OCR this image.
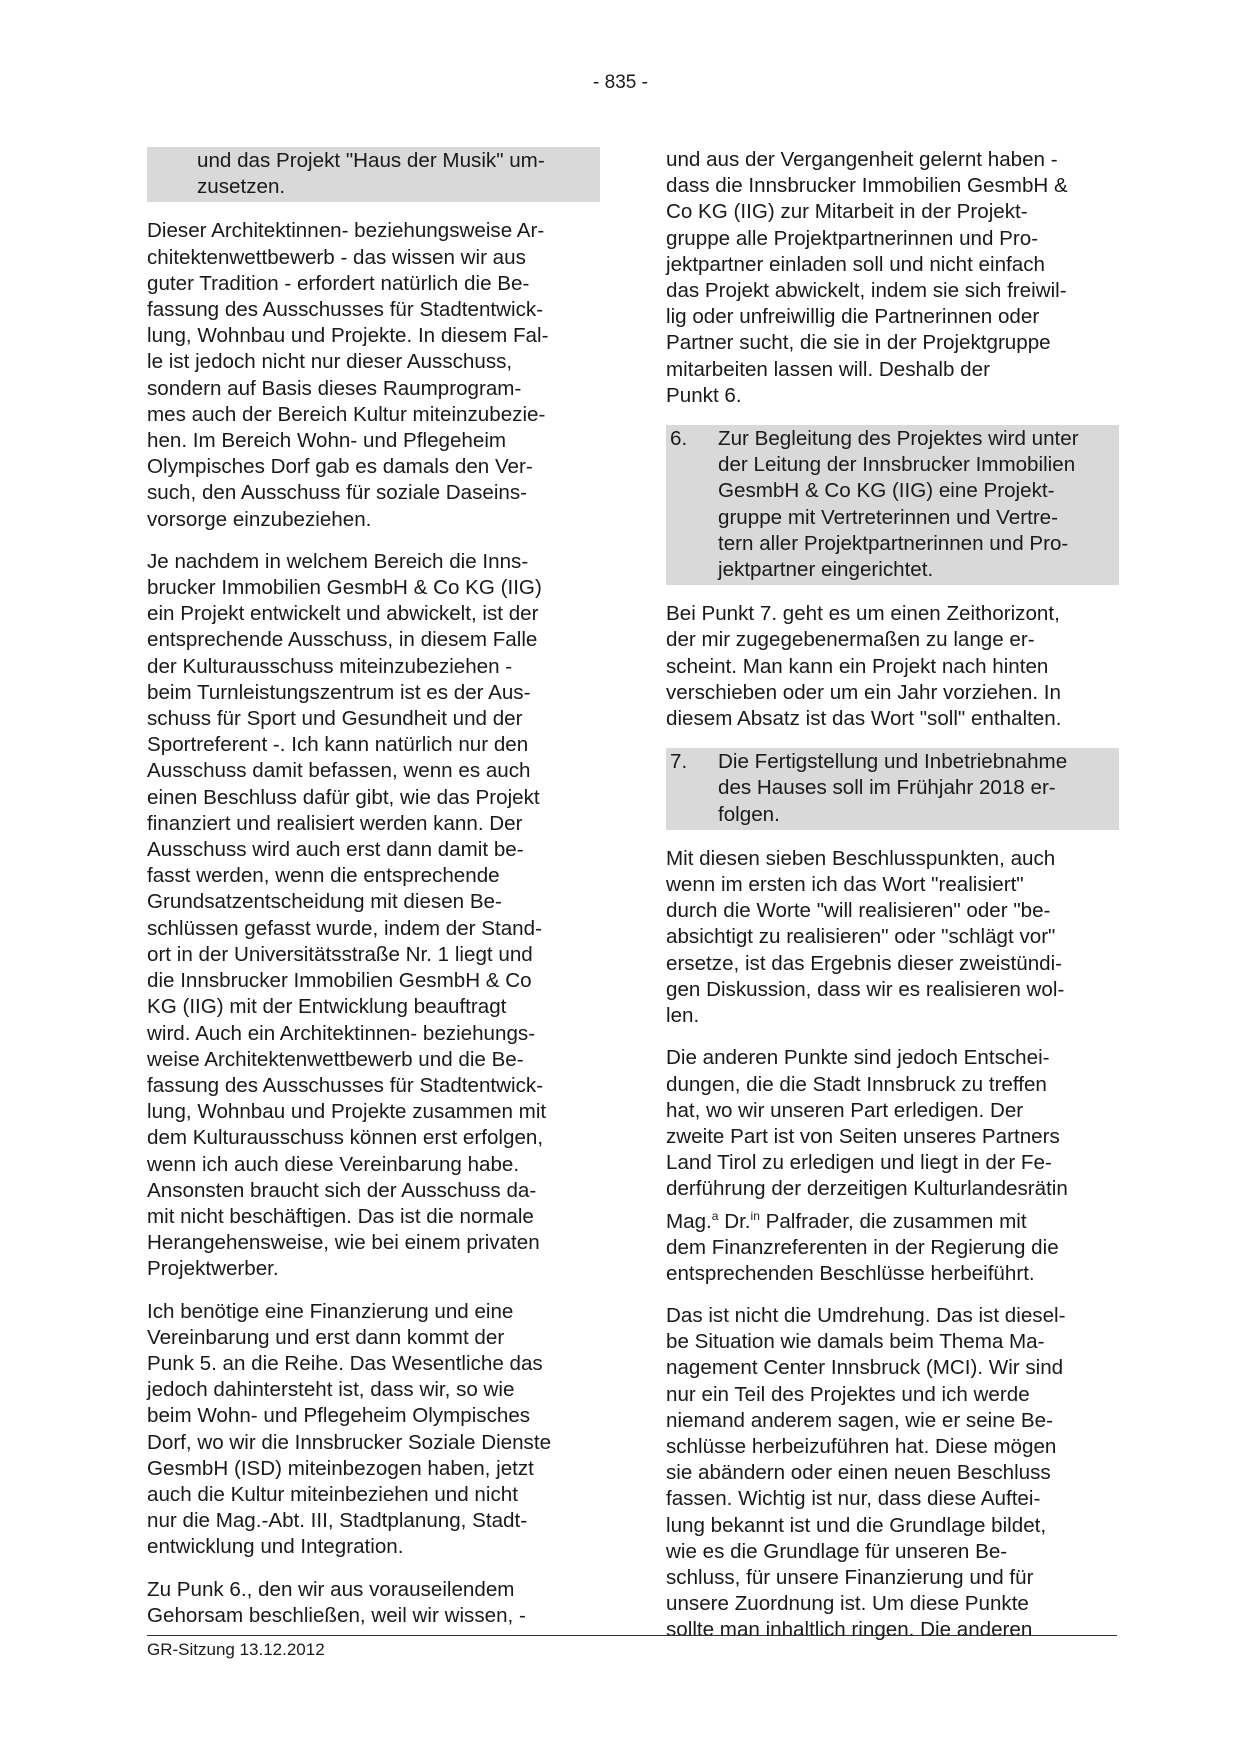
- 835 -
und das Projekt "Haus der Musik" um-
zusetzen.

Dieser Architektinnen- beziehungsweise Ar-
chitektenwettbewerb - das wissen wir aus
guter Tradition - erfordert natürlich die Be-
fassung des Ausschusses für Stadtentwick-
lung, Wohnbau und Projekte. In diesem Fal-
le ist jedoch nicht nur dieser Ausschuss,
sondern auf Basis dieses Raumprogram-
mes auch der Bereich Kultur miteinzubezie-
hen. Im Bereich Wohn- und Pflegeheim
Olympisches Dorf gab es damals den Ver-
such, den Ausschuss für soziale Daseins-
vorsorge einzubeziehen.

Je nachdem in welchem Bereich die Inns-
brucker Immobilien GesmbH & Co KG (IIG)
ein Projekt entwickelt und abwickelt, ist der
entsprechende Ausschuss, in diesem Falle
der Kulturausschuss miteinzubeziehen -
beim Turnleistungszentrum ist es der Aus-
schuss für Sport und Gesundheit und der
Sportreferent -. Ich kann natürlich nur den
Ausschuss damit befassen, wenn es auch
einen Beschluss dafür gibt, wie das Projekt
finanziert und realisiert werden kann. Der
Ausschuss wird auch erst dann damit be-
fasst werden, wenn die entsprechende
Grundsatzentscheidung mit diesen Be-
schlüssen gefasst wurde, indem der Stand-
ort in der Universitätsstraße Nr. 1 liegt und
die Innsbrucker Immobilien GesmbH & Co
KG (IIG) mit der Entwicklung beauftragt
wird. Auch ein Architektinnen- beziehungs-
weise Architektenwettbewerb und die Be-
fassung des Ausschusses für Stadtentwick-
lung, Wohnbau und Projekte zusammen mit
dem Kulturausschuss können erst erfolgen,
wenn ich auch diese Vereinbarung habe.
Ansonsten braucht sich der Ausschuss da-
mit nicht beschäftigen. Das ist die normale
Herangehensweise, wie bei einem privaten
Projektwerber.

Ich benötige eine Finanzierung und eine
Vereinbarung und erst dann kommt der
Punk 5. an die Reihe. Das Wesentliche das
jedoch dahintersteht ist, dass wir, so wie
beim Wohn- und Pflegeheim Olympisches
Dorf, wo wir die Innsbrucker Soziale Dienste
GesmbH (ISD) miteinbezogen haben, jetzt
auch die Kultur miteinbeziehen und nicht
nur die Mag.-Abt. III, Stadtplanung, Stadt-
entwicklung und Integration.

Zu Punk 6., den wir aus vorauseilendem
Gehorsam beschließen, weil wir wissen, -

und aus der Vergangenheit gelernt haben -
dass die Innsbrucker Immobilien GesmbH &
Co KG (IIG) zur Mitarbeit in der Projekt-
gruppe alle Projektpartnerinnen und Pro-
jektpartner einladen soll und nicht einfach
das Projekt abwickelt, indem sie sich freiwil-
lig oder unfreiwillig die Partnerinnen oder
Partner sucht, die sie in der Projektgruppe
mitarbeiten lassen will. Deshalb der
Punkt 6.

6.	Zur Begleitung des Projektes wird unter
der Leitung der Innsbrucker Immobilien
GesmbH & Co KG (IIG) eine Projekt-
gruppe mit Vertreterinnen und Vertre-
tern aller Projektpartnerinnen und Pro-
jektpartner eingerichtet.

Bei Punkt 7. geht es um einen Zeithorizont,
der mir zugegebenermaßen zu lange er-
scheint. Man kann ein Projekt nach hinten
verschieben oder um ein Jahr vorziehen. In
diesem Absatz ist das Wort "soll" enthalten.

7.	Die Fertigstellung und Inbetriebnahme
des Hauses soll im Frühjahr 2018 er-
folgen.

Mit diesen sieben Beschlusspunkten, auch
wenn im ersten ich das Wort "realisiert"
durch die Worte "will realisieren" oder "be-
absichtigt zu realisieren" oder "schlägt vor"
ersetze, ist das Ergebnis dieser zweistündi-
gen Diskussion, dass wir es realisieren wol-
len.

Die anderen Punkte sind jedoch Entschei-
dungen, die die Stadt Innsbruck zu treffen
hat, wo wir unseren Part erledigen. Der
zweite Part ist von Seiten unseres Partners
Land Tirol zu erledigen und liegt in der Fe-
derführung der derzeitigen Kulturlandesrätin
Mag.$^a$ Dr.$^{in}$ Palfrader, die zusammen mit
dem Finanzreferenten in der Regierung die
entsprechenden Beschlüsse herbeiführt.

Das ist nicht die Umdrehung. Das ist diesel-
be Situation wie damals beim Thema Ma-
nagement Center Innsbruck (MCI). Wir sind
nur ein Teil des Projektes und ich werde
niemand anderem sagen, wie er seine Be-
schlüsse herbeizuführen hat. Diese mögen
sie abändern oder einen neuen Beschluss
fassen. Wichtig ist nur, dass diese Auftei-
lung bekannt ist und die Grundlage bildet,
wie es die Grundlage für unseren Be-
schluss, für unsere Finanzierung und für
unsere Zuordnung ist. Um diese Punkte
sollte man inhaltlich ringen. Die anderen

GR-Sitzung 13.12.2012
